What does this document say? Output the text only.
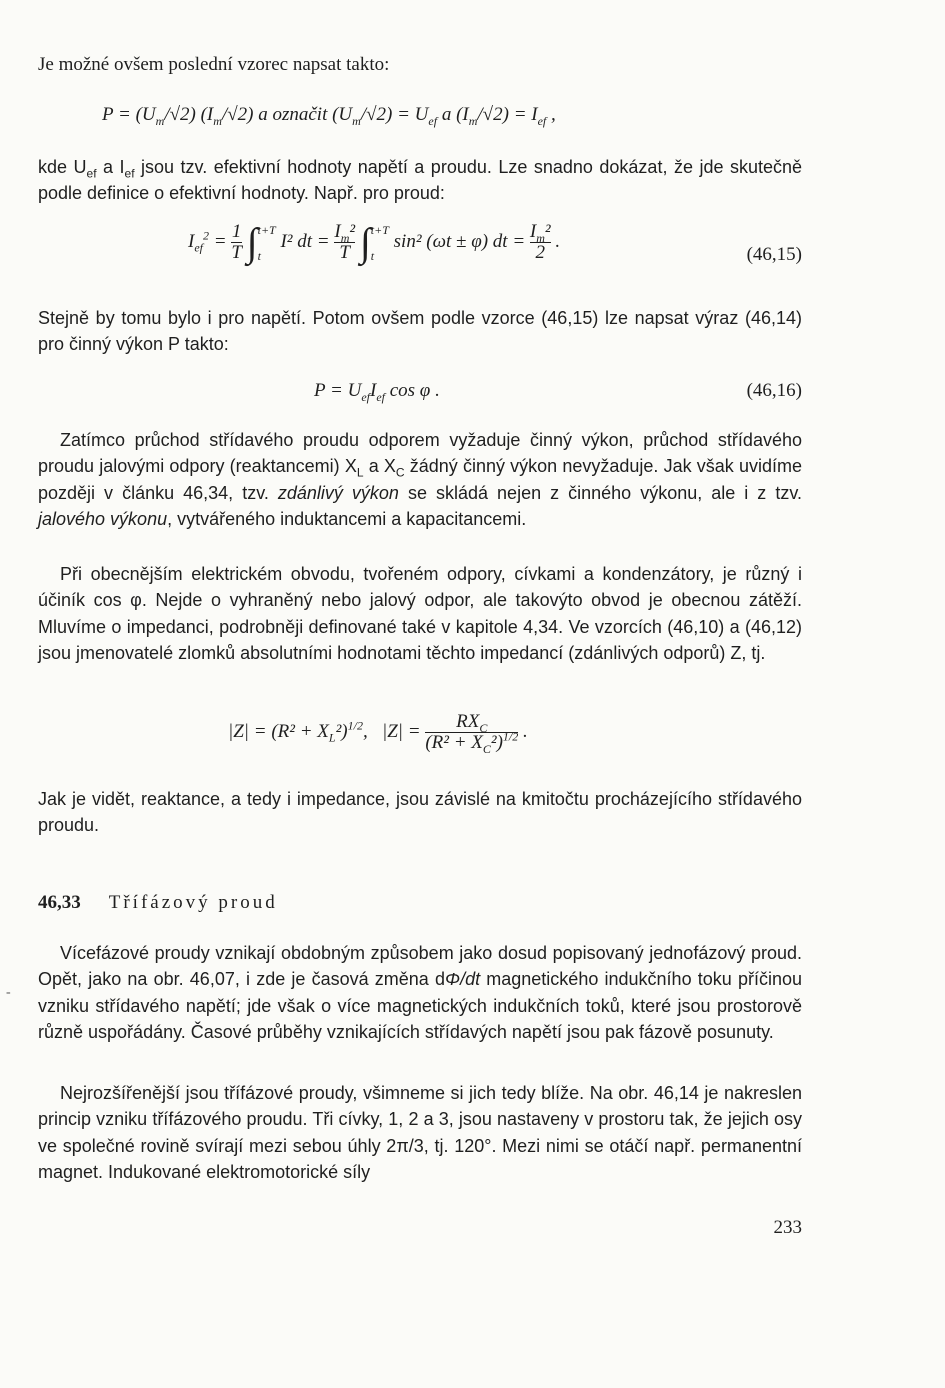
Je možné ovšem poslední vzorec napsat takto:

$P = (U_m/√2)$ $(I_m/√2)$ a označit $(U_m/√2) = U_{ef}$ a $(I_m/√2) = I_{ef}$ ,

kde $U_{ef}$ a $I_{ef}$ jsou tzv. efektivní hodnoty napětí a proudu. Lze snadno dokázat, že jde skutečně podle definice o efektivní hodnoty. Např. pro proud:

$I_{ef}^2 = \frac{1}{T}$ ∫ t+T
t
I² dt = $\frac{I_m^2}{T}$ ∫ t+T
t
sin² (ωt ± φ) dt = $\frac{I_m^2}{2}$ .
(46,15)

Stejně by tomu bylo i pro napětí. Potom ovšem podle vzorce (46,15) lze napsat výraz (46,14) pro činný výkon P takto:

$P = U_{ef}I_{ef}$ cos φ .	(46,16)

Zatímco průchod střídavého proudu odporem vyžaduje činný výkon, průchod střídavého proudu jalovými odpory (reaktancemi) $X_L$ a $X_C$ žádný činný výkon nevyžaduje. Jak však uvidíme později v článku 46,34, tzv. zdánlivý výkon se skládá nejen z činného výkonu, ale i z tzv. jalového výkonu, vytvářeného induktancemi a kapacitancemi.

Při obecnějším elektrickém obvodu, tvořeném odpory, cívkami a kondenzátory, je různý i účiník cos φ. Nejde o vyhraněný nebo jalový odpor, ale takovýto obvod je obecnou zátěží. Mluvíme o impedanci, podrobněji definované také v kapitole 4,34. Ve vzorcích (46,10) a (46,12) jsou jmenovatelé zlomků absolutními hodnotami těchto impedancí (zdánlivých odporů) Z, tj.

$|Z| = (R^2 + X_L^2)^{1/2}$, $|Z| = \frac{RX_C}{(R^2 + X_C^2)^{1/2}}$ .

Jak je vidět, reaktance, a tedy i impedance, jsou závislé na kmitočtu procházejícího střídavého proudu.

46,33 Třífázový proud

Vícefázové proudy vznikají obdobným způsobem jako dosud popisovaný jednofázový proud. Opět, jako na obr. 46,07, i zde je časová změna dΦ/dt magnetického indukčního toku příčinou vzniku střídavého napětí; jde však o více magnetických indukčních toků, které jsou prostorově různě uspořádány. Časové průběhy vznikajících střídavých napětí jsou pak fázově posunuty.

Nejrozšířenější jsou třífázové proudy, všimneme si jich tedy blíže. Na obr. 46,14 je nakreslen princip vzniku třífázového proudu. Tři cívky, 1, 2 a 3, jsou nastaveny v prostoru tak, že jejich osy ve společné rovině svírají mezi sebou úhly 2π/3, tj. 120°. Mezi nimi se otáčí např. permanentní magnet. Indukované elektromotorické síly

233
-
